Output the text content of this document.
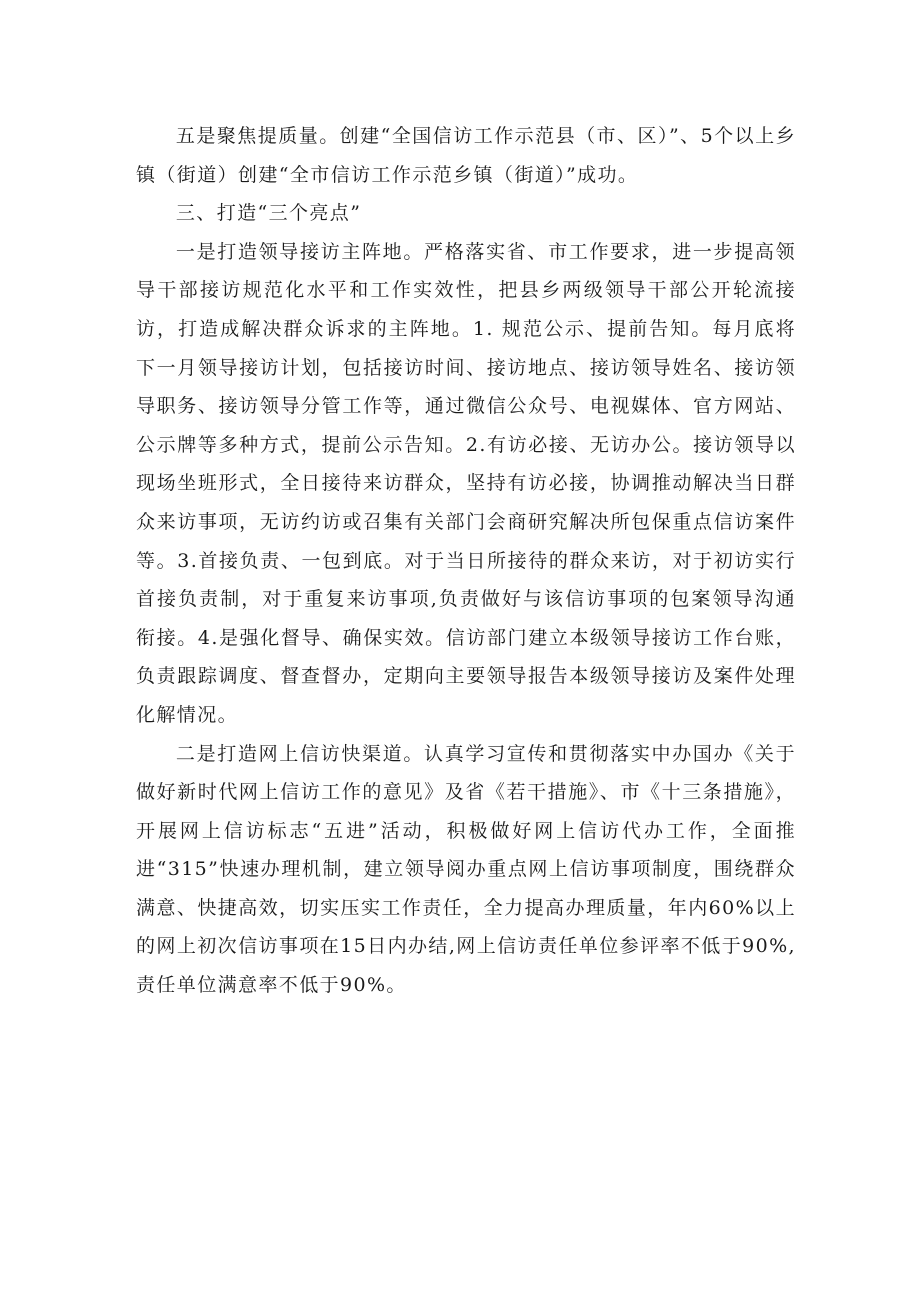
五是聚焦提质量。创建“全国信访工作示范县（市、区）”、5个以上乡镇（街道）创建“全市信访工作示范乡镇（街道）”成功。

三、打造“三个亮点”

一是打造领导接访主阵地。严格落实省、市工作要求，进一步提高领导干部接访规范化水平和工作实效性，把县乡两级领导干部公开轮流接访，打造成解决群众诉求的主阵地。1. 规范公示、提前告知。每月底将下一月领导接访计划，包括接访时间、接访地点、接访领导姓名、接访领导职务、接访领导分管工作等，通过微信公众号、电视媒体、官方网站、公示牌等多种方式，提前公示告知。2.有访必接、无访办公。接访领导以现场坐班形式，全日接待来访群众，坚持有访必接，协调推动解决当日群众来访事项，无访约访或召集有关部门会商研究解决所包保重点信访案件等。3.首接负责、一包到底。对于当日所接待的群众来访，对于初访实行首接负责制，对于重复来访事项,负责做好与该信访事项的包案领导沟通衔接。4.是强化督导、确保实效。信访部门建立本级领导接访工作台账，负责跟踪调度、督查督办，定期向主要领导报告本级领导接访及案件处理化解情况。

二是打造网上信访快渠道。认真学习宣传和贯彻落实中办国办《关于做好新时代网上信访工作的意见》及省《若干措施》、市《十三条措施》，开展网上信访标志“五进”活动，积极做好网上信访代办工作，全面推进“315”快速办理机制，建立领导阅办重点网上信访事项制度，围绕群众满意、快捷高效，切实压实工作责任，全力提高办理质量，年内60%以上的网上初次信访事项在15日内办结,网上信访责任单位参评率不低于90%,责任单位满意率不低于90%。
